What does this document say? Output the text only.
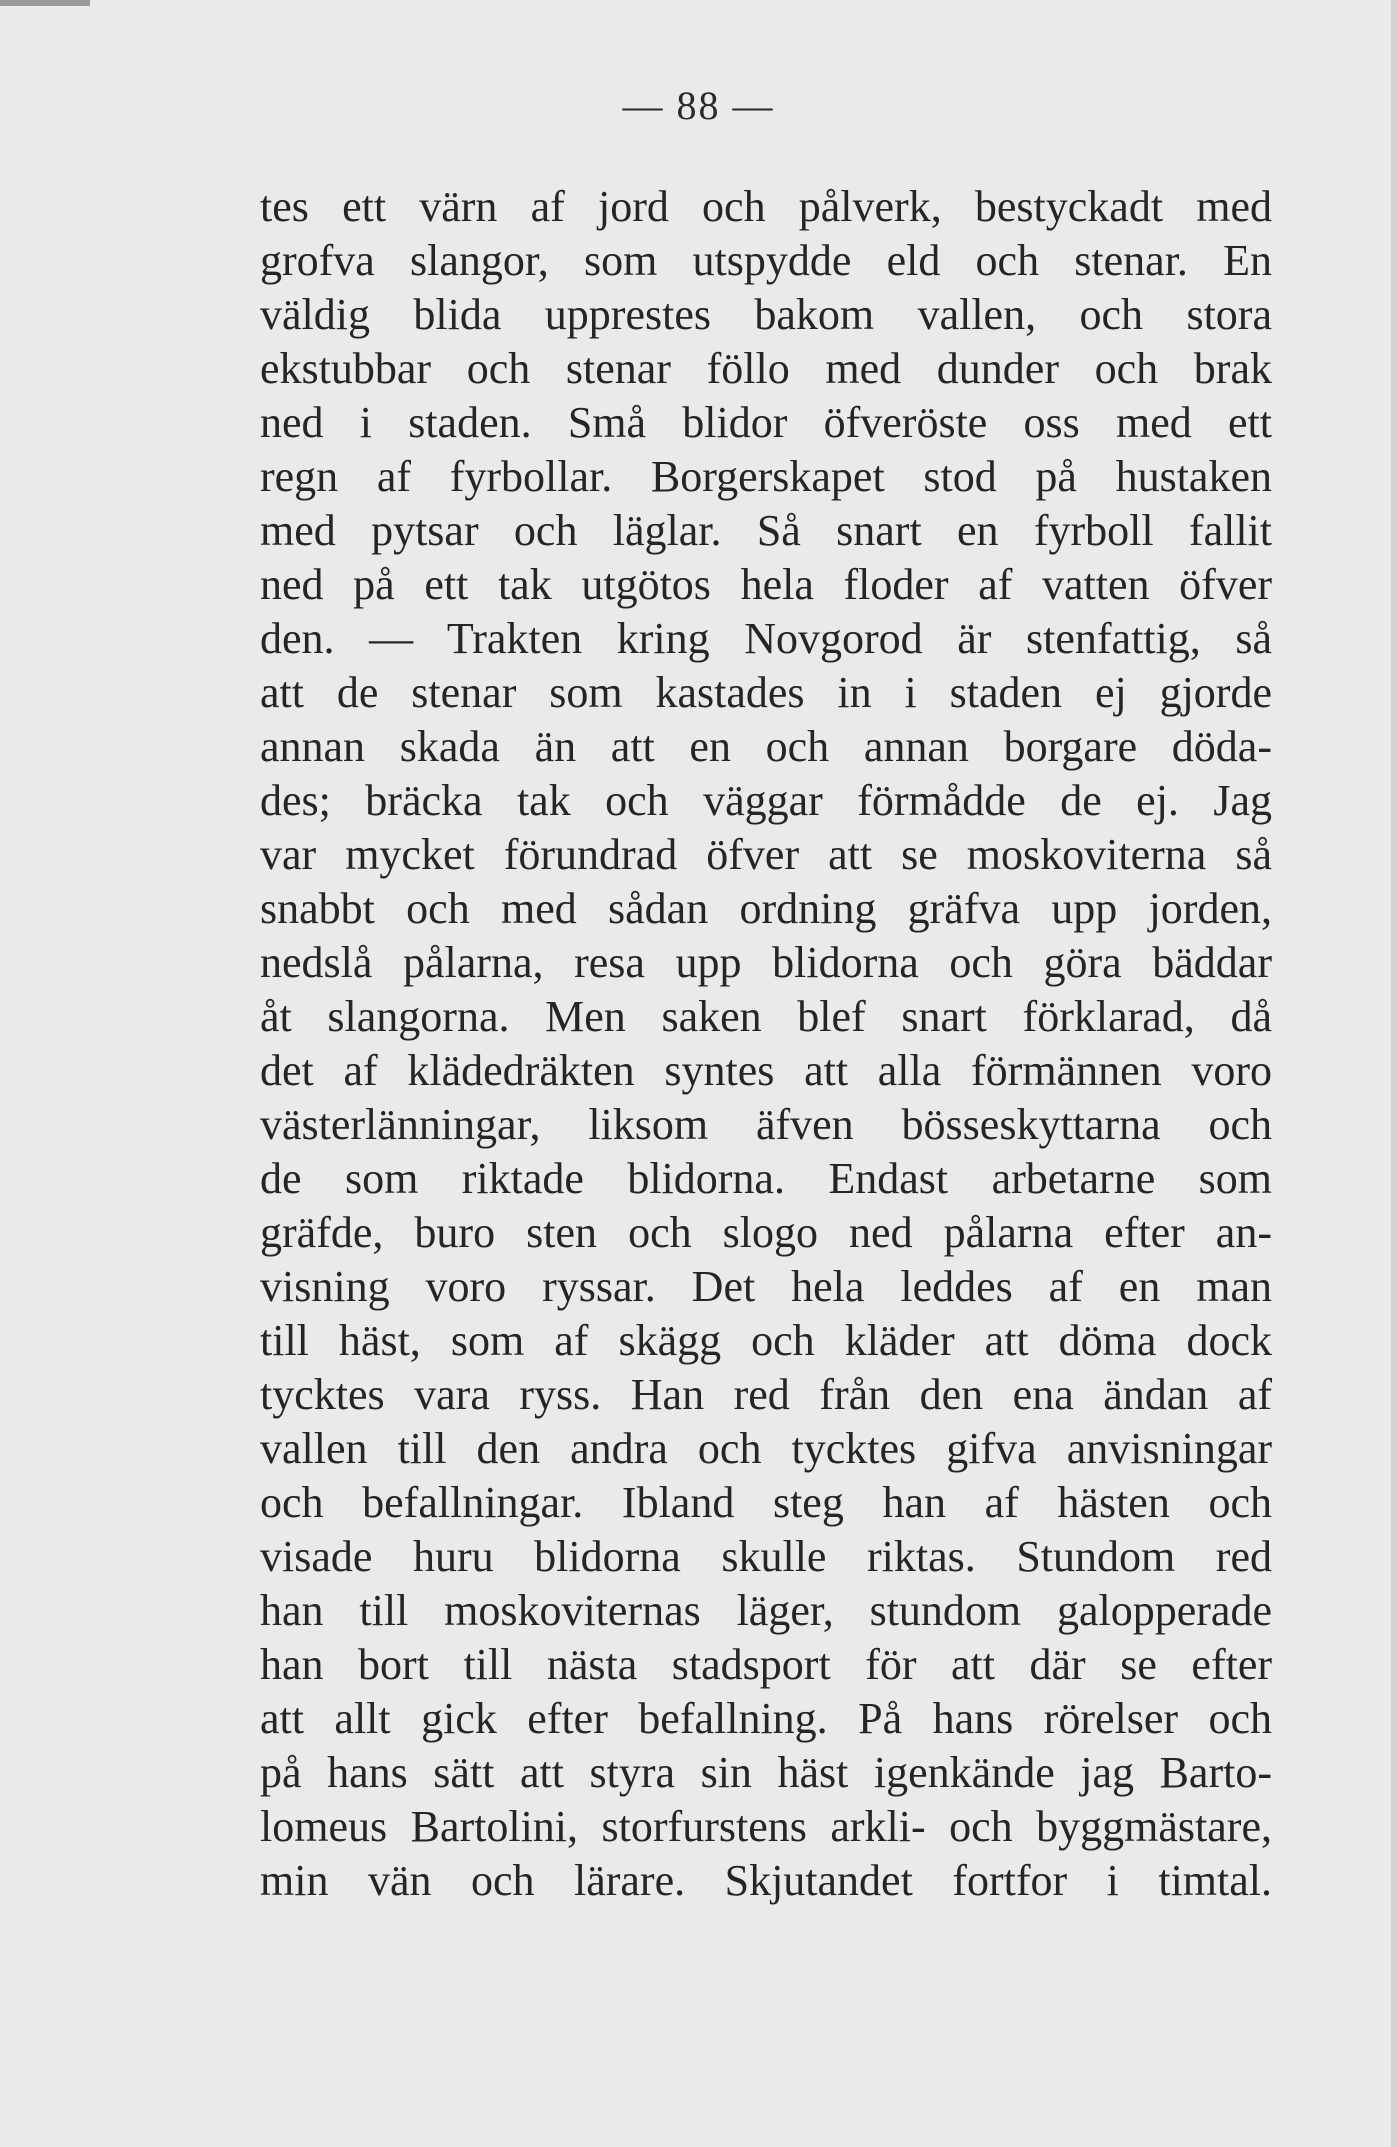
— 88 —
tes ett värn af jord och pålverk, bestyckadt med
grofva slangor, som utspydde eld och stenar. En
väldig blida upprestes bakom vallen, och stora
ekstubbar och stenar föllo med dunder och brak
ned i staden. Små blidor öfveröste oss med ett
regn af fyrbollar. Borgerskapet stod på hustaken
med pytsar och läglar. Så snart en fyrboll fallit
ned på ett tak utgötos hela floder af vatten öfver
den. — Trakten kring Novgorod är stenfattig, så
att de stenar som kastades in i staden ej gjorde
annan skada än att en och annan borgare döda-
des; bräcka tak och väggar förmådde de ej. Jag
var mycket förundrad öfver att se moskoviterna så
snabbt och med sådan ordning gräfva upp jorden,
nedslå pålarna, resa upp blidorna och göra bäddar
åt slangorna. Men saken blef snart förklarad, då
det af klädedräkten syntes att alla förmännen voro
västerlänningar, liksom äfven bösseskyttarna och
de som riktade blidorna. Endast arbetarne som
gräfde, buro sten och slogo ned pålarna efter an-
visning voro ryssar. Det hela leddes af en man
till häst, som af skägg och kläder att döma dock
tycktes vara ryss. Han red från den ena ändan af
vallen till den andra och tycktes gifva anvisningar
och befallningar. Ibland steg han af hästen och
visade huru blidorna skulle riktas. Stundom red
han till moskoviternas läger, stundom galopperade
han bort till nästa stadsport för att där se efter
att allt gick efter befallning. På hans rörelser och
på hans sätt att styra sin häst igenkände jag Barto-
lomeus Bartolini, storfurstens arkli- och byggmästare,
min vän och lärare. Skjutandet fortfor i timtal.
